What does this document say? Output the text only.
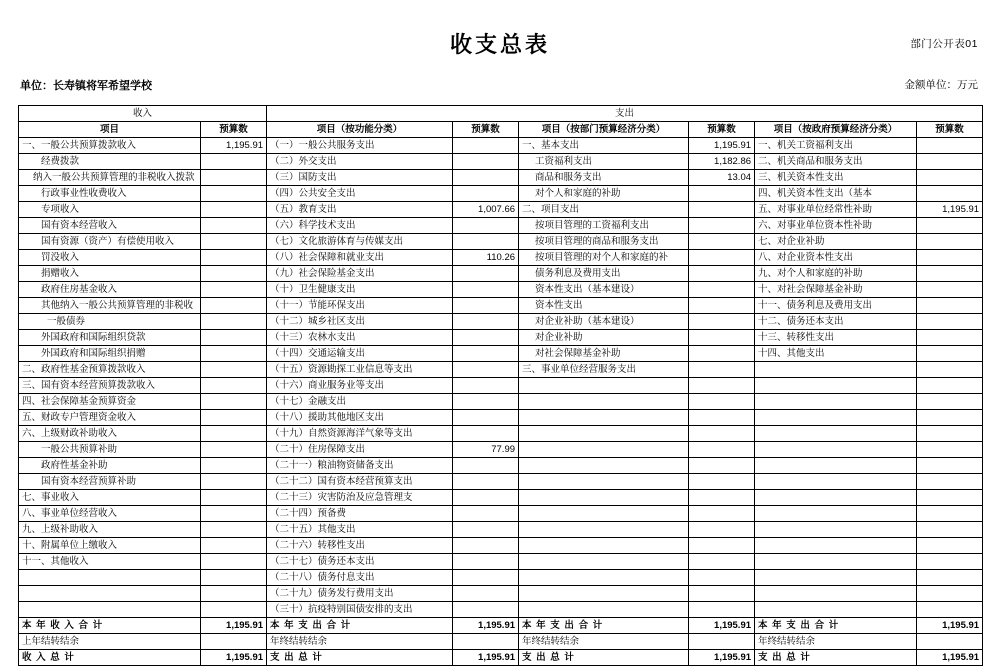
部门公开表01
收支总表
单位：长寿镇将军希望学校	金额单位：万元
收入		支出					
项目	预算数	项目（按功能分类）	预算数	项目（按部门预算经济分类）	预算数	项目（按政府预算经济分类）	预算数
一、一般公共预算拨款收入	1,195.91	（一）一般公共服务支出		一、基本支出	1,195.91	一、机关工资福利支出	
经费拨款		（二）外交支出		工资福利支出	1,182.86	二、机关商品和服务支出	
纳入一般公共预算管理的非税收入拨款		（三）国防支出		商品和服务支出	13.04	三、机关资本性支出	
行政事业性收费收入		（四）公共安全支出		对个人和家庭的补助		四、机关资本性支出（基本	
专项收入		（五）教育支出	1,007.66	二、项目支出		五、对事业单位经常性补助	1,195.91
国有资本经营收入		（六）科学技术支出		按项目管理的工资福利支出		六、对事业单位资本性补助	
国有资源（资产）有偿使用收入		（七）文化旅游体育与传媒支出		按项目管理的商品和服务支出		七、对企业补助	
罚没收入		（八）社会保障和就业支出	110.26	按项目管理的对个人和家庭的补		八、对企业资本性支出	
捐赠收入		（九）社会保险基金支出		债务利息及费用支出		九、对个人和家庭的补助	
政府住房基金收入		（十）卫生健康支出		资本性支出（基本建设）		十、对社会保障基金补助	
其他纳入一般公共预算管理的非税收		（十一）节能环保支出		资本性支出		十一、债务利息及费用支出	
一般债券		（十二）城乡社区支出		对企业补助（基本建设）		十二、债务还本支出	
外国政府和国际组织贷款		（十三）农林水支出		对企业补助		十三、转移性支出	
外国政府和国际组织捐赠		（十四）交通运输支出		对社会保障基金补助		十四、其他支出	
二、政府性基金预算拨款收入		（十五）资源勘探工业信息等支出		三、事业单位经营服务支出			
三、国有资本经营预算拨款收入		（十六）商业服务业等支出					
四、社会保障基金预算资金		（十七）金融支出					
五、财政专户管理资金收入		（十八）援助其他地区支出					
六、上级财政补助收入		（十九）自然资源海洋气象等支出					
一般公共预算补助		（二十）住房保障支出	77.99				
政府性基金补助		（二十一）粮油物资储备支出					
国有资本经营预算补助		（二十二）国有资本经营预算支出					
七、事业收入		（二十三）灾害防治及应急管理支					
八、事业单位经营收入		（二十四）预备费					
九、上级补助收入		（二十五）其他支出					
十、附属单位上缴收入		（二十六）转移性支出					
十一、其他收入		（二十七）债务还本支出					
		（二十八）债务付息支出					
		（二十九）债务发行费用支出					
		（三十）抗疫特别国债安排的支出					
本 年 收 入 合 计	1,195.91	本 年 支 出 合 计	1,195.91	本 年 支 出 合 计	1,195.91	本 年 支 出 合 计	1,195.91
上年结转结余		年终结转结余		年终结转结余		年终结转结余	
收 入 总 计	1,195.91	支 出 总 计	1,195.91	支 出 总 计	1,195.91	支 出 总 计	1,195.91
